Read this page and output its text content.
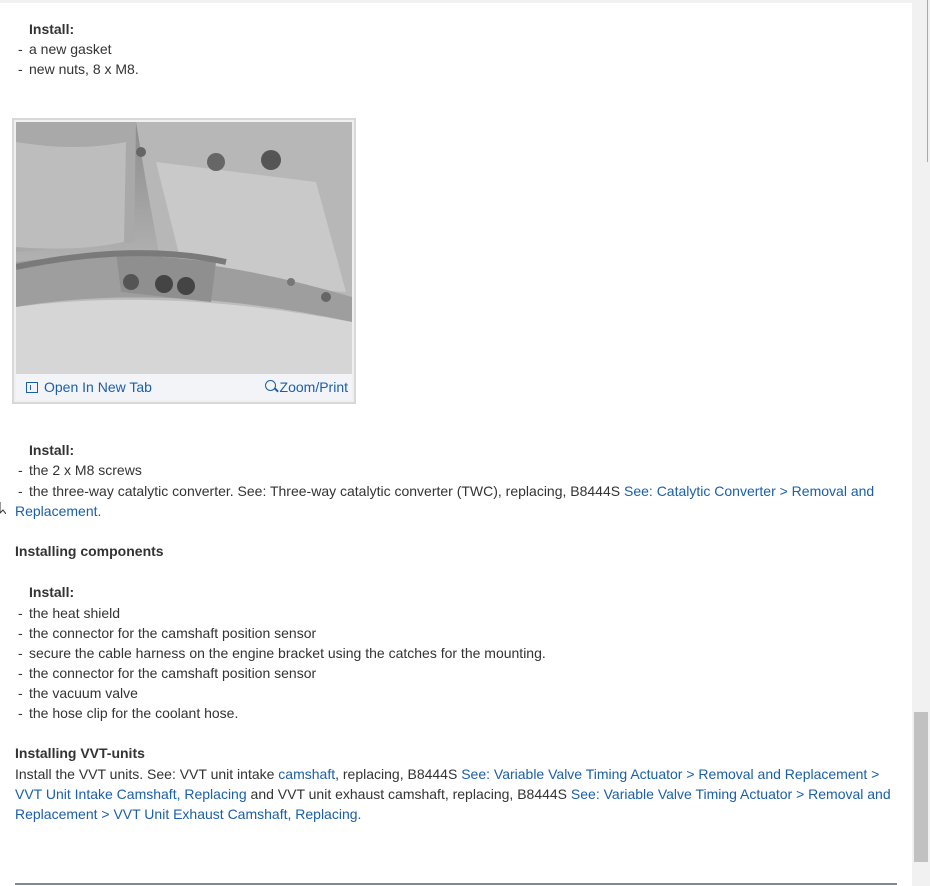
Install:
- a new gasket
- new nuts, 8 x M8.
Open In New Tab	Zoom/Print
Install:
- the 2 x M8 screws
- the three-way catalytic converter. See: Three-way catalytic converter (TWC), replacing, B8444S See: Catalytic Converter > Removal and
Replacement.
Installing components
Install:
- the heat shield
- the connector for the camshaft position sensor
- secure the cable harness on the engine bracket using the catches for the mounting.
- the connector for the camshaft position sensor
- the vacuum valve
- the hose clip for the coolant hose.
Installing VVT-units
Install the VVT units. See: VVT unit intake camshaft, replacing, B8444S See: Variable Valve Timing Actuator > Removal and Replacement > VVT Unit Intake Camshaft, Replacing and VVT unit exhaust camshaft, replacing, B8444S See: Variable Valve Timing Actuator > Removal and Replacement > VVT Unit Exhaust Camshaft, Replacing.
